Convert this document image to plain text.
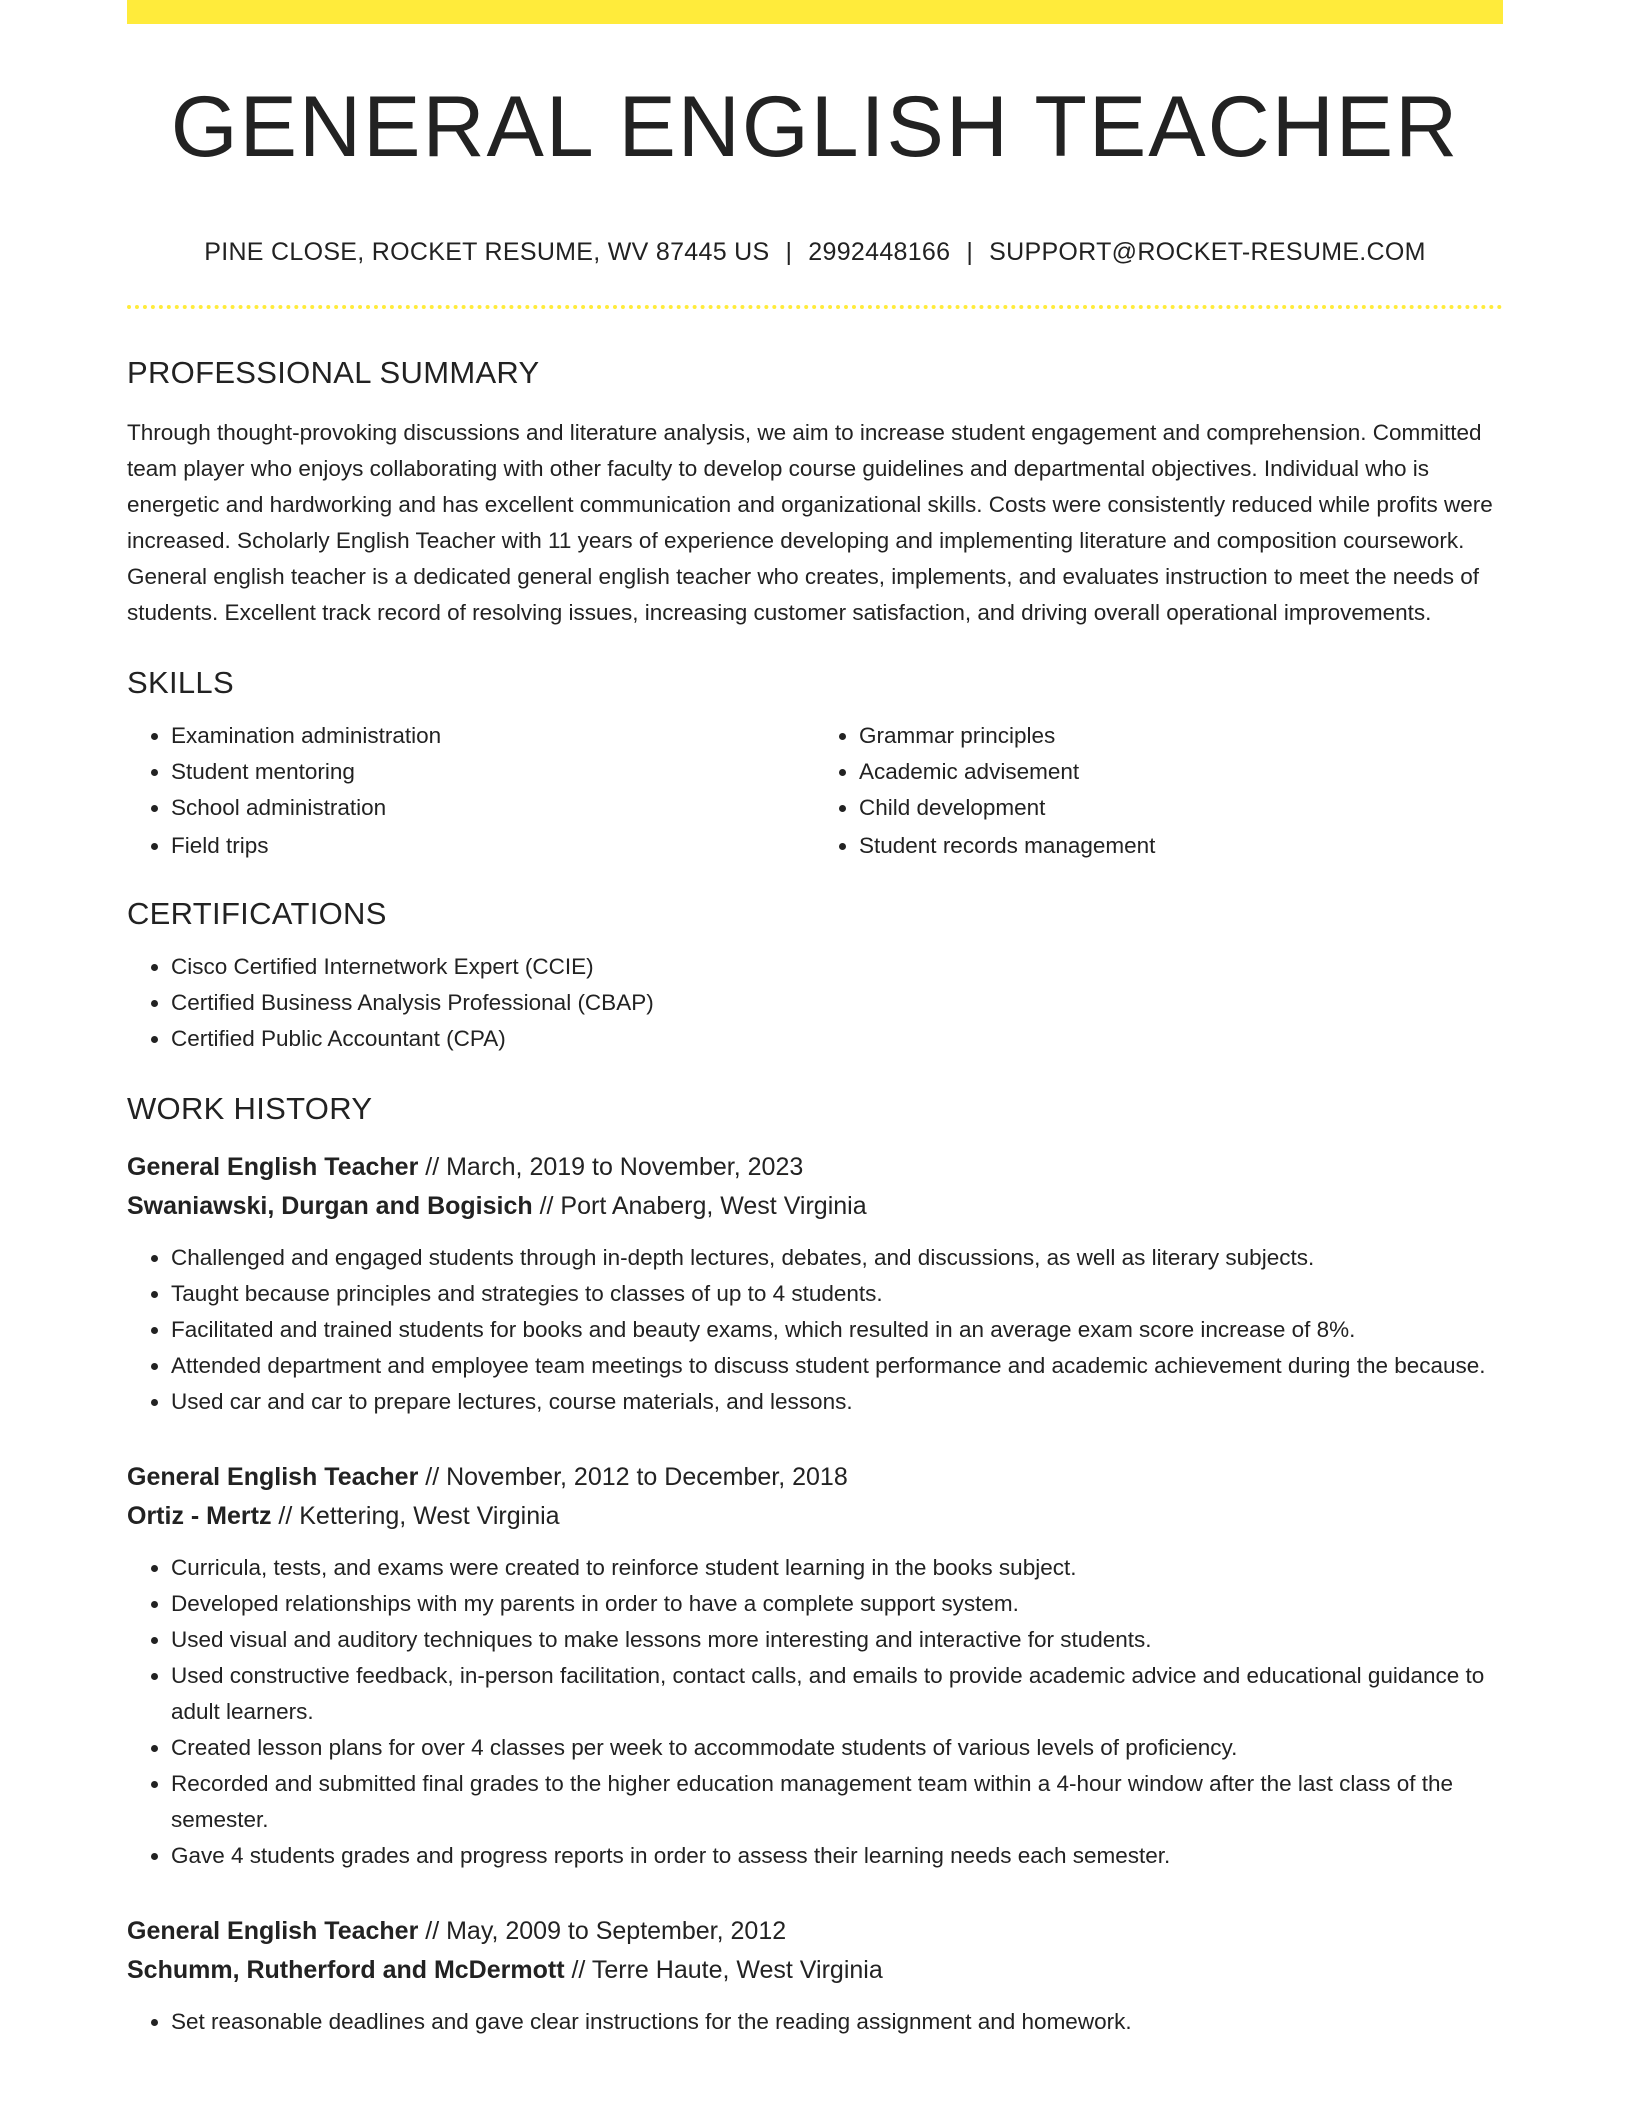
GENERAL ENGLISH TEACHER
PINE CLOSE, ROCKET RESUME, WV 87445 US | 2992448166 | SUPPORT@ROCKET-RESUME.COM
PROFESSIONAL SUMMARY

Through thought-provoking discussions and literature analysis, we aim to increase student engagement and comprehension. Committed team player who enjoys collaborating with other faculty to develop course guidelines and departmental objectives. Individual who is energetic and hardworking and has excellent communication and organizational skills. Costs were consistently reduced while profits were increased. Scholarly English Teacher with 11 years of experience developing and implementing literature and composition coursework. General english teacher is a dedicated general english teacher who creates, implements, and evaluates instruction to meet the needs of students. Excellent track record of resolving issues, increasing customer satisfaction, and driving overall operational improvements.

SKILLS
• Examination administration
• Student mentoring
• School administration
• Field trips
• Grammar principles
• Academic advisement
• Child development
• Student records management
CERTIFICATIONS
• Cisco Certified Internetwork Expert (CCIE)
• Certified Business Analysis Professional (CBAP)
• Certified Public Accountant (CPA)
WORK HISTORY
General English Teacher // March, 2019 to November, 2023
Swaniawski, Durgan and Bogisich // Port Anaberg, West Virginia
• Challenged and engaged students through in-depth lectures, debates, and discussions, as well as literary subjects.
• Taught because principles and strategies to classes of up to 4 students.
• Facilitated and trained students for books and beauty exams, which resulted in an average exam score increase of 8%.
• Attended department and employee team meetings to discuss student performance and academic achievement during the because.
• Used car and car to prepare lectures, course materials, and lessons.
General English Teacher // November, 2012 to December, 2018
Ortiz - Mertz // Kettering, West Virginia
• Curricula, tests, and exams were created to reinforce student learning in the books subject.
• Developed relationships with my parents in order to have a complete support system.
• Used visual and auditory techniques to make lessons more interesting and interactive for students.
• Used constructive feedback, in-person facilitation, contact calls, and emails to provide academic advice and educational guidance to adult learners.
• Created lesson plans for over 4 classes per week to accommodate students of various levels of proficiency.
• Recorded and submitted final grades to the higher education management team within a 4-hour window after the last class of the semester.
• Gave 4 students grades and progress reports in order to assess their learning needs each semester.
General English Teacher // May, 2009 to September, 2012
Schumm, Rutherford and McDermott // Terre Haute, West Virginia
• Set reasonable deadlines and gave clear instructions for the reading assignment and homework.
